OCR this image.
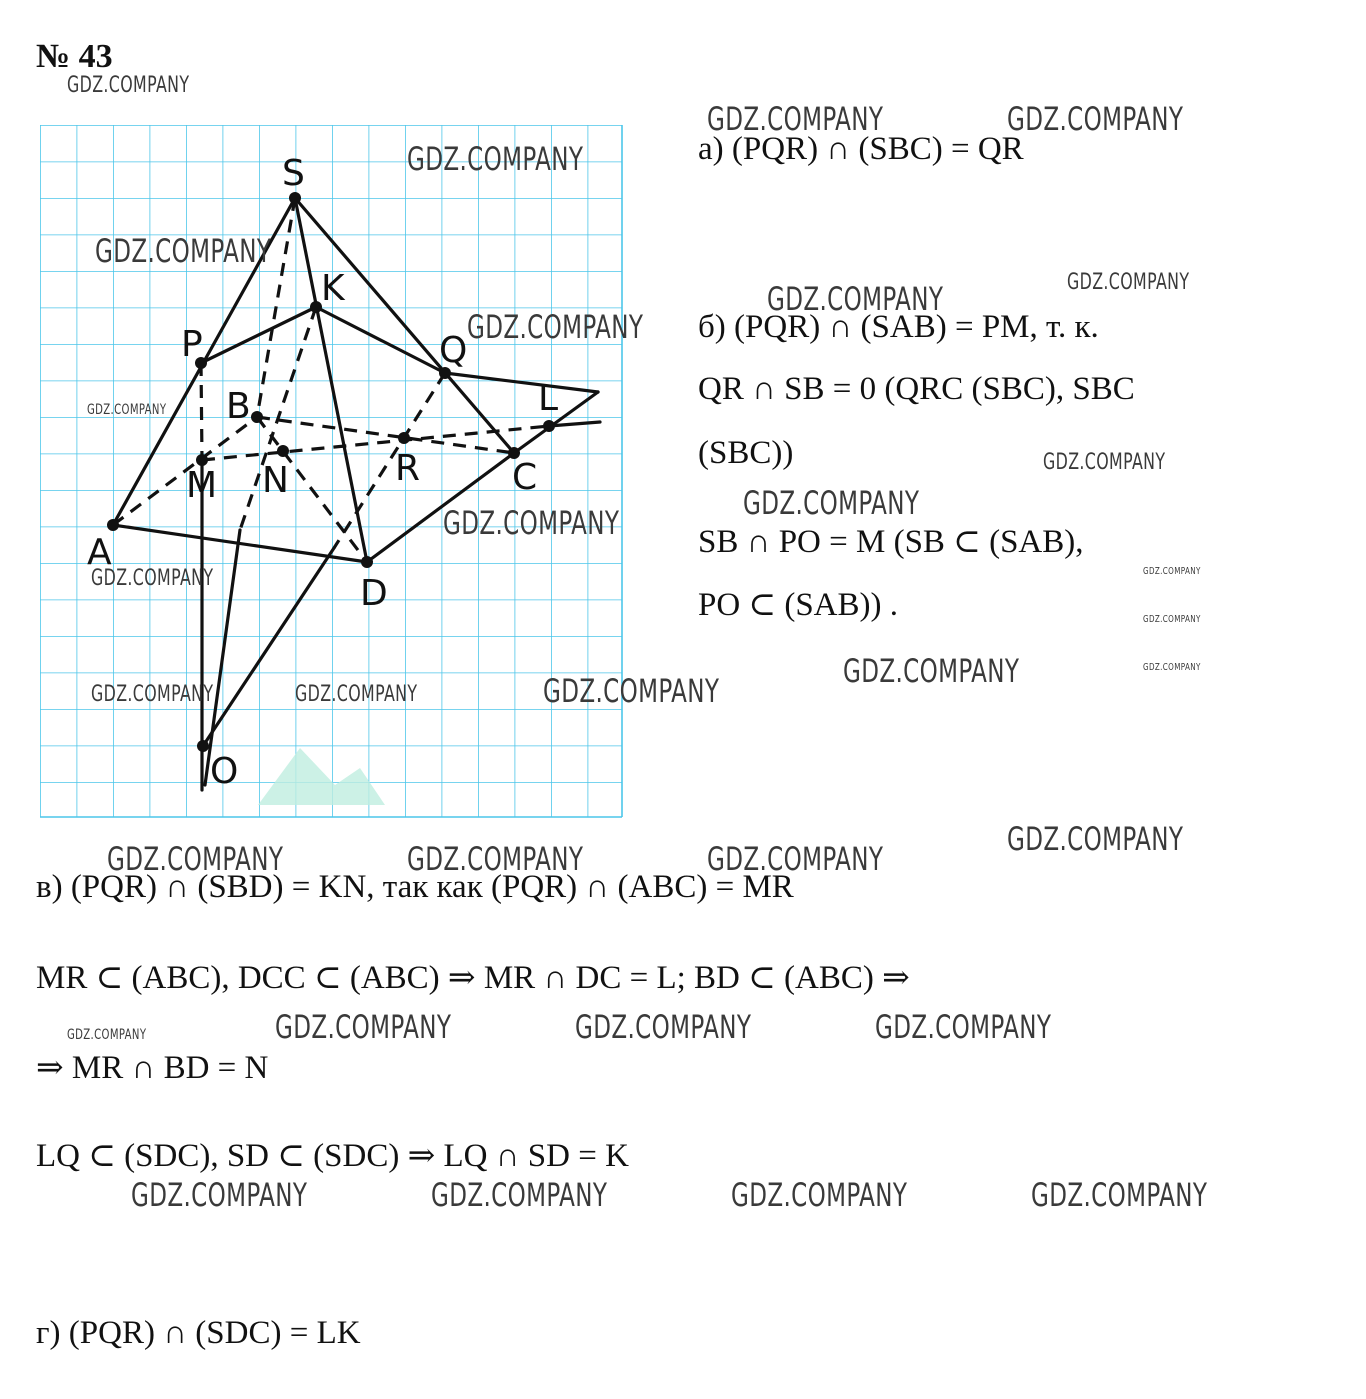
№ 43
S
K
P	Q
B	L
M N	R	C
A
D
O
а) (PQR) ∩ (SBC) = QR
б) (PQR) ∩ (SAB) = PM, т. к.
QR ∩ SB = 0 (QRC (SBC), SBC
(SBC))
SB ∩ PO = M (SB ⊂ (SAB),
PO ⊂ (SAB)) .
в) (PQR) ∩ (SBD) = KN, так как (PQR) ∩ (ABC) = MR
MR ⊂ (ABC), DCC ⊂ (ABC) ⇒ MR ∩ DC = L; BD ⊂ (ABC) ⇒
⇒ MR ∩ BD = N
LQ ⊂ (SDC), SD ⊂ (SDC) ⇒ LQ ∩ SD = K
г) (PQR) ∩ (SDC) = LK
GDZ.COMPANY
GDZ.COMPANY	GDZ.COMPANY
GDZ.COMPANY
GDZ.COMPANY
GDZ.COMPANY
GDZ.COMPANY
GDZ.COMPANY
GDZ.COMPANY
GDZ.COMPANY
GDZ.COMPANY
GDZ.COMPANY
GDZ.COMPANY	GDZ.COMPANY
GDZ.COMPANY
GDZ.COMPANY	GDZ.COMPANY
GDZ.COMPANY
GDZ.COMPANY	GDZ.COMPANY
GDZ.COMPANY
GDZ.COMPANY	GDZ.COMPANY	GDZ.COMPANY
GDZ.COMPANY	GDZ.COMPANY	GDZ.COMPANY
GDZ.COMPANY
GDZ.COMPANY	GDZ.COMPANY	GDZ.COMPANY	GDZ.COMPANY
